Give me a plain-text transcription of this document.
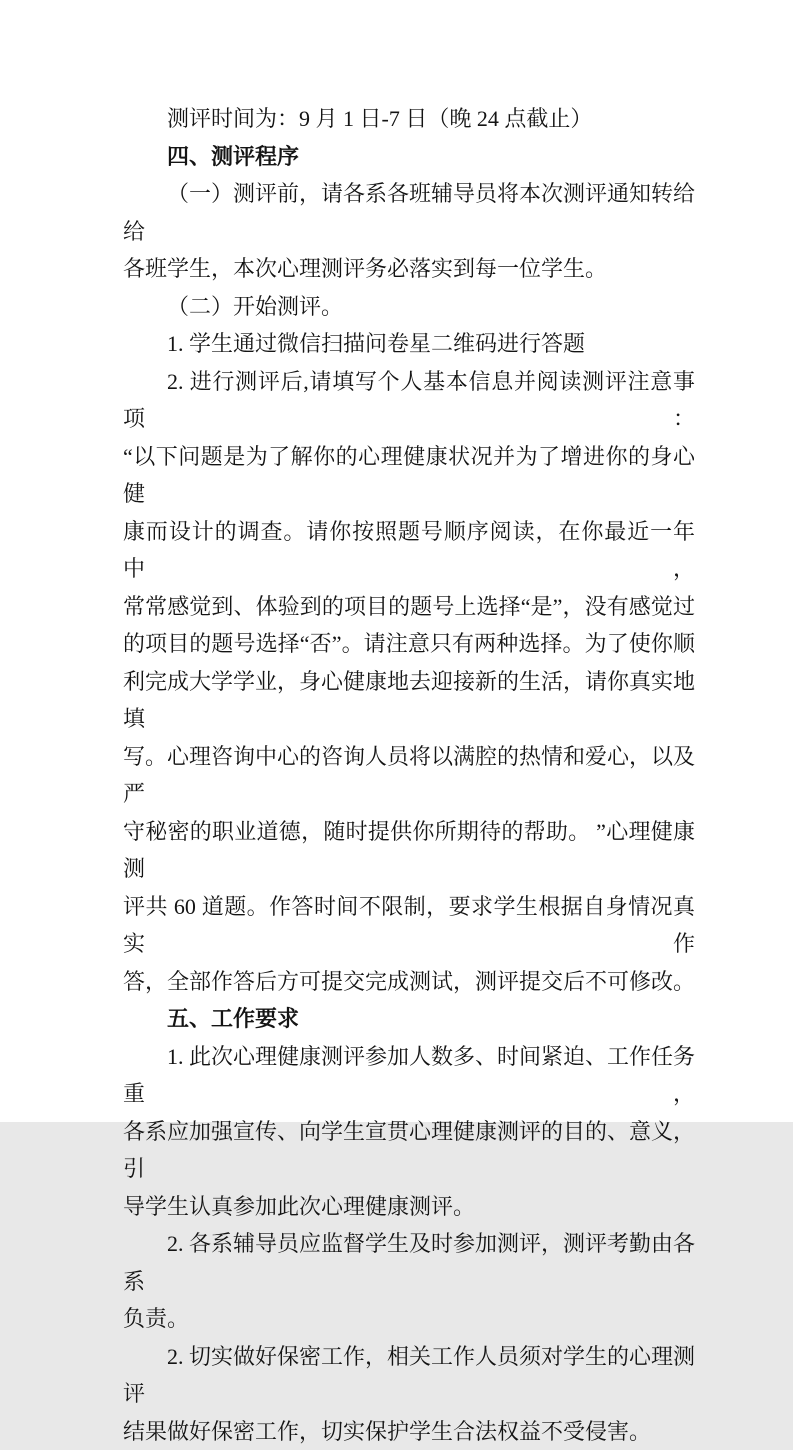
测评时间为：9 月 1 日-7 日（晚 24 点截止）
四、测评程序
（一）测评前，请各系各班辅导员将本次测评通知转给给
各班学生，本次心理测评务必落实到每一位学生。
（二）开始测评。
1. 学生通过微信扫描问卷星二维码进行答题
2. 进行测评后,请填写个人基本信息并阅读测评注意事项：
“以下问题是为了解你的心理健康状况并为了增进你的身心健
康而设计的调查。请你按照题号顺序阅读，在你最近一年中，
常常感觉到、体验到的项目的题号上选择“是”，没有感觉过
的项目的题号选择“否”。请注意只有两种选择。为了使你顺
利完成大学学业，身心健康地去迎接新的生活，请你真实地填
写。心理咨询中心的咨询人员将以满腔的热情和爱心，以及严
守秘密的职业道德，随时提供你所期待的帮助。 ”心理健康测
评共 60 道题。作答时间不限制，要求学生根据自身情况真实作
答，全部作答后方可提交完成测试，测评提交后不可修改。
五、工作要求
1. 此次心理健康测评参加人数多、时间紧迫、工作任务重，
各系应加强宣传、向学生宣贯心理健康测评的目的、意义，引
导学生认真参加此次心理健康测评。
2. 各系辅导员应监督学生及时参加测评，测评考勤由各系
负责。
2. 切实做好保密工作，相关工作人员须对学生的心理测评
结果做好保密工作，切实保护学生合法权益不受侵害。
